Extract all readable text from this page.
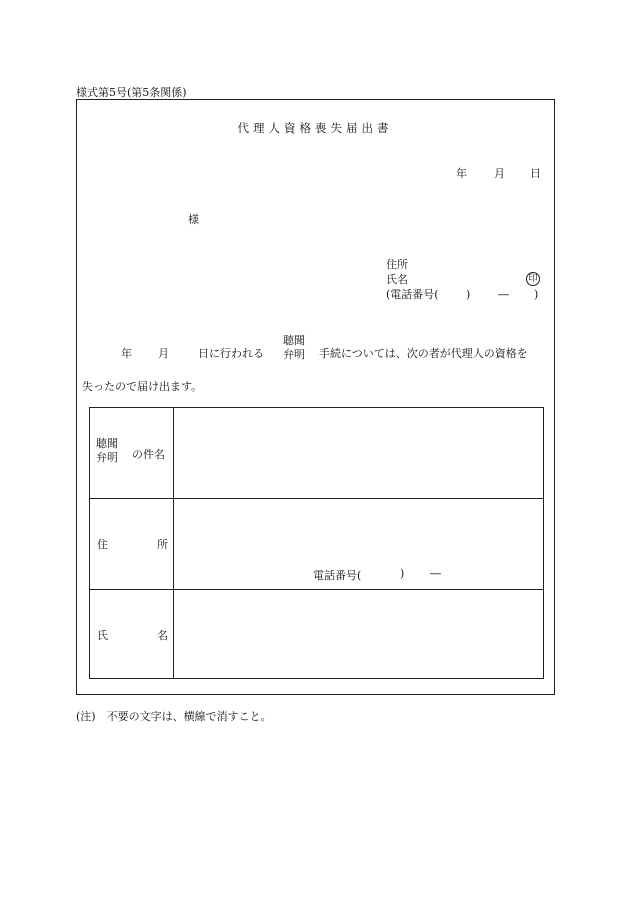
様式第5号(第5条関係)
代理人資格喪失届出書
年 月 日
様
住所
氏名
(電話番号( )	― )
印
年 月	日に行われる
聴聞
弁明 手続については、次の者が代理人の資格を
失ったので届け出ます。
聴聞
弁明 の件名
住	所
電話番号(	) ―
氏	名
(注)　不要の文字は、横線で消すこと。
